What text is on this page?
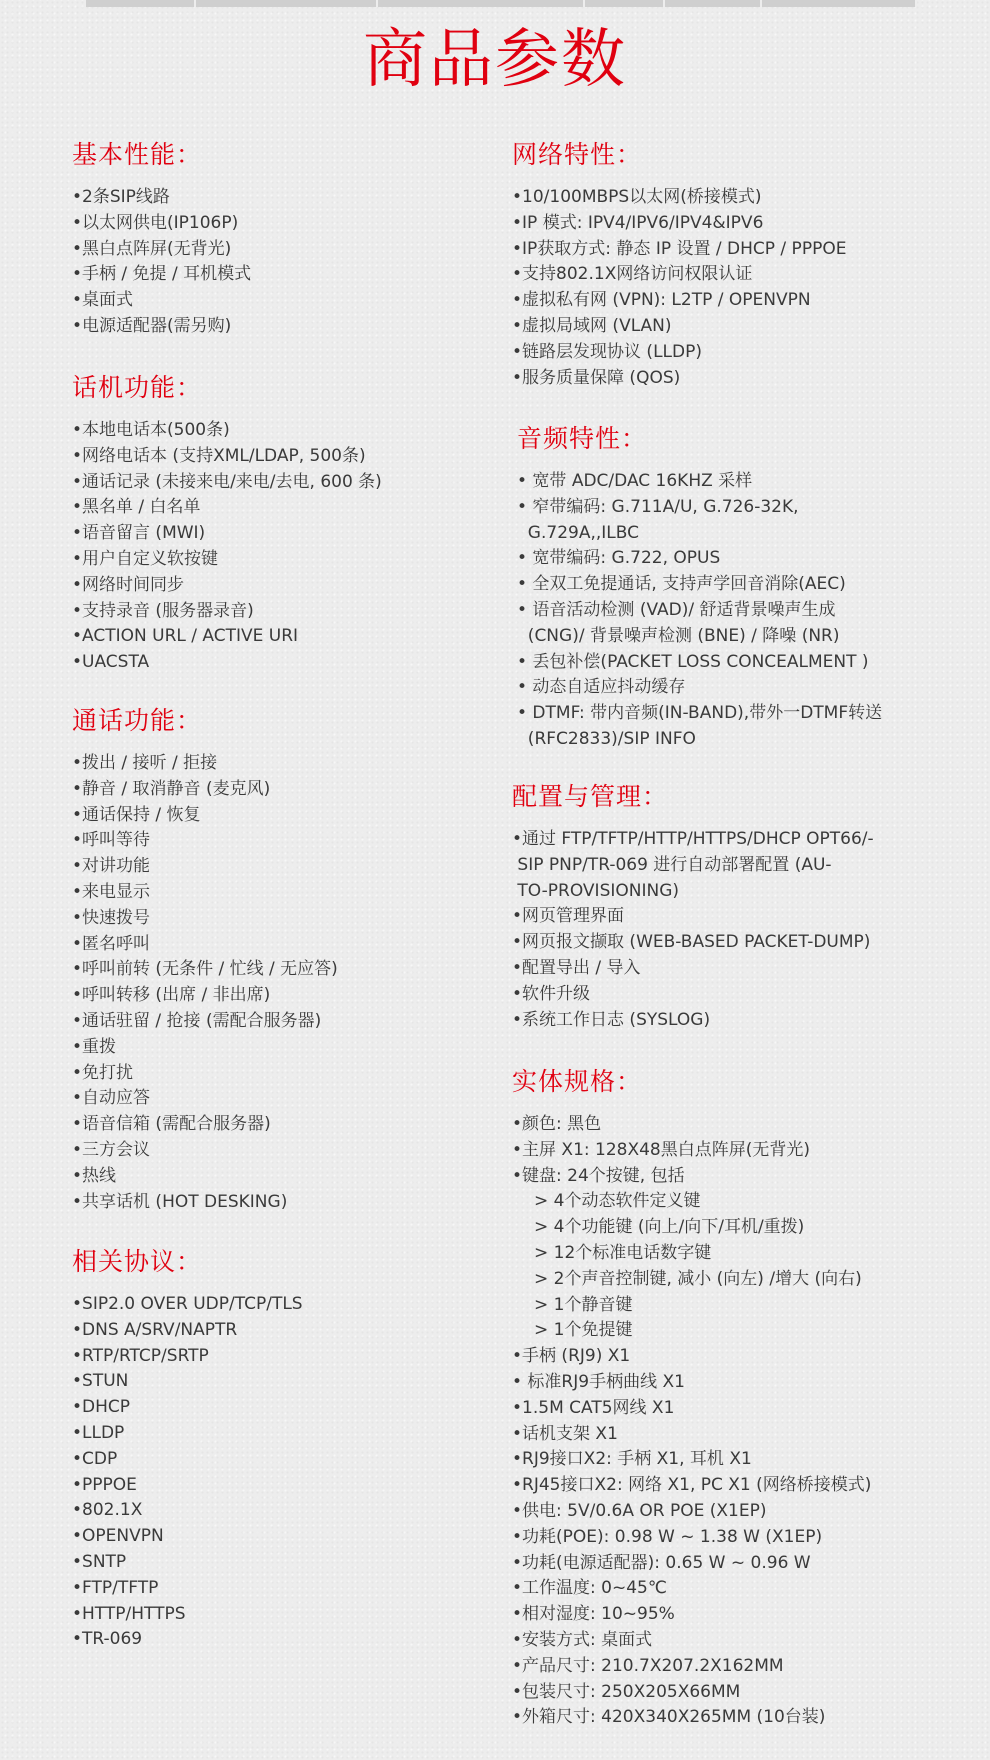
商品参数
基本性能：
•2条SIP线路
•以太网供电(IP106P)
•黑白点阵屏(无背光)
•手柄 / 免提 / 耳机模式
•桌面式
•电源适配器(需另购)
话机功能：
•本地电话本(500条)
•网络电话本 (支持XML/LDAP, 500条)
•通话记录 (未接来电/来电/去电, 600 条)
•黑名单 / 白名单
•语音留言 (MWI)
•用户自定义软按键
•网络时间同步
•支持录音 (服务器录音)
•ACTION URL / ACTIVE URI
•UACSTA
通话功能：
•拨出 / 接听 / 拒接
•静音 / 取消静音 (麦克风)
•通话保持 / 恢复
•呼叫等待
•对讲功能
•来电显示
•快速拨号
•匿名呼叫
•呼叫前转 (无条件 / 忙线 / 无应答)
•呼叫转移 (出席 / 非出席)
•通话驻留 / 抢接 (需配合服务器)
•重拨
•免打扰
•自动应答
•语音信箱 (需配合服务器)
•三方会议
•热线
•共享话机 (HOT DESKING)
相关协议：
•SIP2.0 OVER UDP/TCP/TLS
•DNS A/SRV/NAPTR
•RTP/RTCP/SRTP
•STUN
•DHCP
•LLDP
•CDP
•PPPOE
•802.1X
•OPENVPN
•SNTP
•FTP/TFTP
•HTTP/HTTPS
•TR-069
网络特性：
•10/100MBPS以太网(桥接模式)
•IP 模式: IPV4/IPV6/IPV4&IPV6
•IP获取方式: 静态 IP 设置 / DHCP / PPPOE
•支持802.1X网络访问权限认证
•虚拟私有网 (VPN): L2TP / OPENVPN
•虚拟局域网 (VLAN)
•链路层发现协议 (LLDP)
•服务质量保障 (QOS)
音频特性：
• 宽带 ADC/DAC 16KHZ 采样
• 窄带编码: G.711A/U, G.726-32K,
G.729A,,ILBC
• 宽带编码: G.722, OPUS
• 全双工免提通话, 支持声学回音消除(AEC)
• 语音活动检测 (VAD)/ 舒适背景噪声生成
(CNG)/ 背景噪声检测 (BNE) / 降噪 (NR)
• 丢包补偿(PACKET LOSS CONCEALMENT )
• 动态自适应抖动缓存
• DTMF: 带内音频(IN-BAND),带外一DTMF转送
(RFC2833)/SIP INFO
配置与管理：
•通过 FTP/TFTP/HTTP/HTTPS/DHCP OPT66/-
SIP PNP/TR-069 进行自动部署配置 (AU-
TO-PROVISIONING)
•网页管理界面
•网页报文撷取 (WEB-BASED PACKET-DUMP)
•配置导出 / 导入
•软件升级
•系统工作日志 (SYSLOG)
实体规格：
•颜色: 黑色
•主屏 X1: 128X48黑白点阵屏(无背光)
•键盘: 24个按键, 包括
> 4个动态软件定义键
> 4个功能键 (向上/向下/耳机/重拨)
> 12个标准电话数字键
> 2个声音控制键, 减小 (向左) /增大 (向右)
> 1个静音键
> 1个免提键
•手柄 (RJ9) X1
• 标准RJ9手柄曲线 X1
•1.5M CAT5网线 X1
•话机支架 X1
•RJ9接口X2: 手柄 X1, 耳机 X1
•RJ45接口X2: 网络 X1, PC X1 (网络桥接模式)
•供电: 5V/0.6A OR POE (X1EP)
•功耗(POE): 0.98 W ~ 1.38 W (X1EP)
•功耗(电源适配器): 0.65 W ~ 0.96 W
•工作温度: 0~45℃
•相对湿度: 10~95%
•安装方式: 桌面式
•产品尺寸: 210.7X207.2X162MM
•包装尺寸: 250X205X66MM
•外箱尺寸: 420X340X265MM (10台装)
